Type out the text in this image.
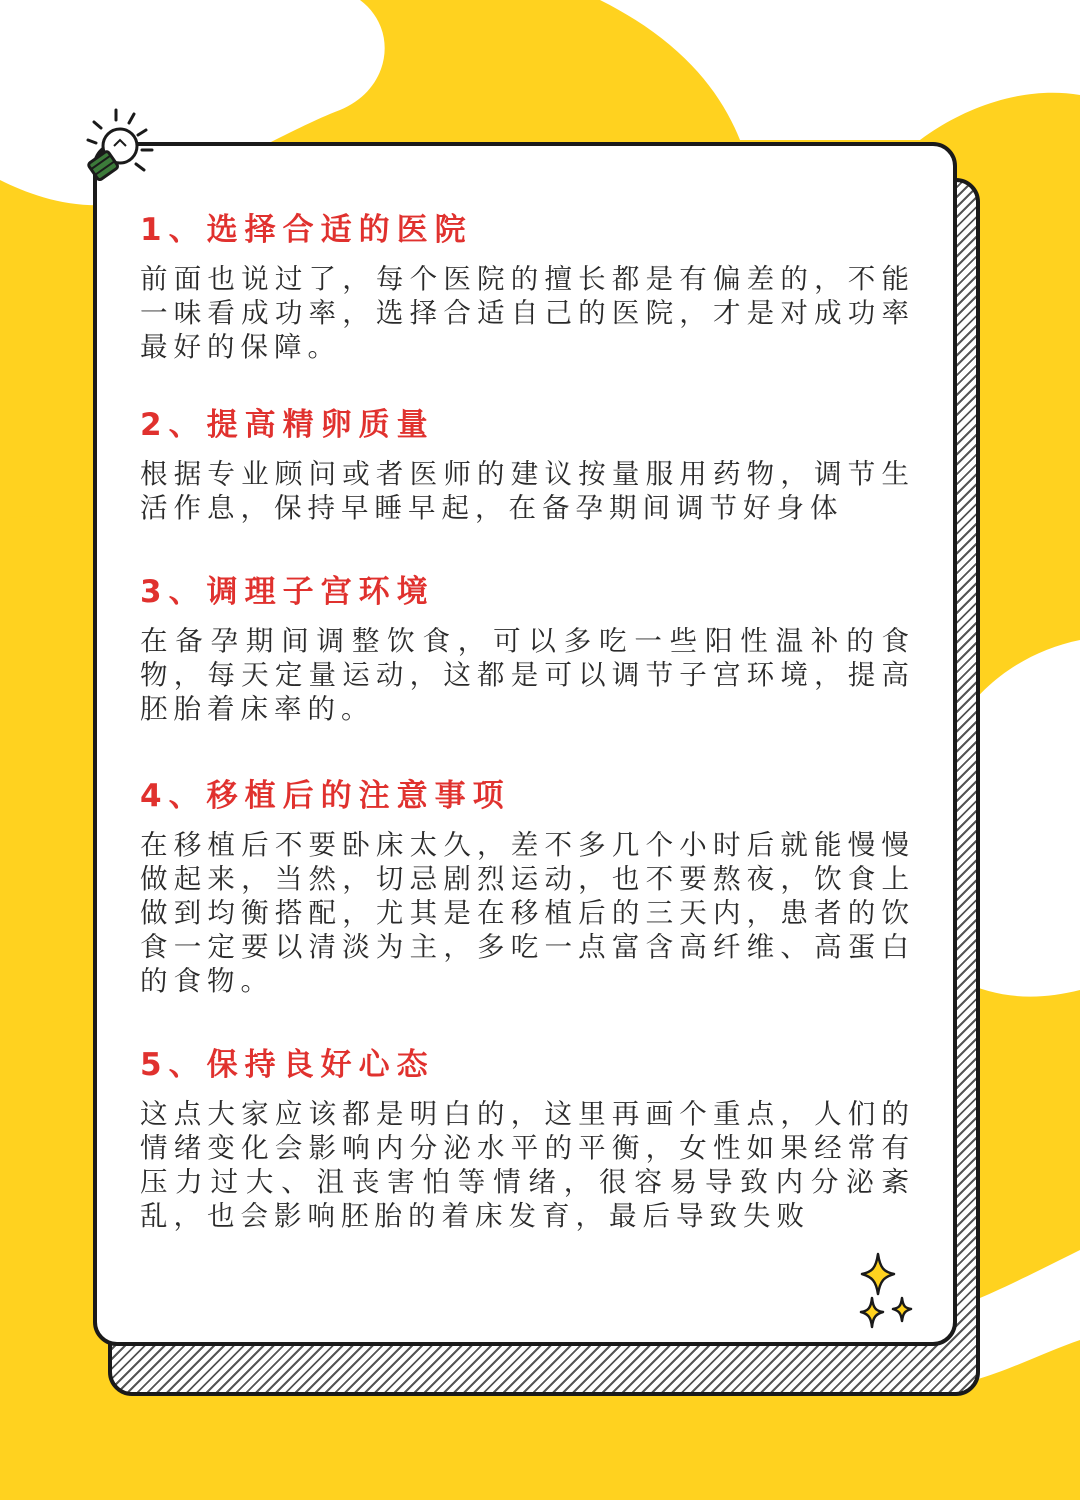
1、选择合适的医院

前面也说过了，每个医院的擅长都是有偏差的，不能一味看成功率，选择合适自己的医院，才是对成功率最好的保障。

2、提高精卵质量

根据专业顾问或者医师的建议按量服用药物，调节生活作息，保持早睡早起，在备孕期间调节好身体

3、调理子宫环境

在备孕期间调整饮食，可以多吃一些阳性温补的食物，每天定量运动，这都是可以调节子宫环境，提高胚胎着床率的。

4、移植后的注意事项

在移植后不要卧床太久，差不多几个小时后就能慢慢做起来，当然，切忌剧烈运动，也不要熬夜，饮食上做到均衡搭配，尤其是在移植后的三天内，患者的饮食一定要以清淡为主，多吃一点富含高纤维、高蛋白的食物。

5、保持良好心态

这点大家应该都是明白的，这里再画个重点，人们的情绪变化会影响内分泌水平的平衡，女性如果经常有压力过大、沮丧害怕等情绪，很容易导致内分泌紊乱，也会影响胚胎的着床发育，最后导致失败
